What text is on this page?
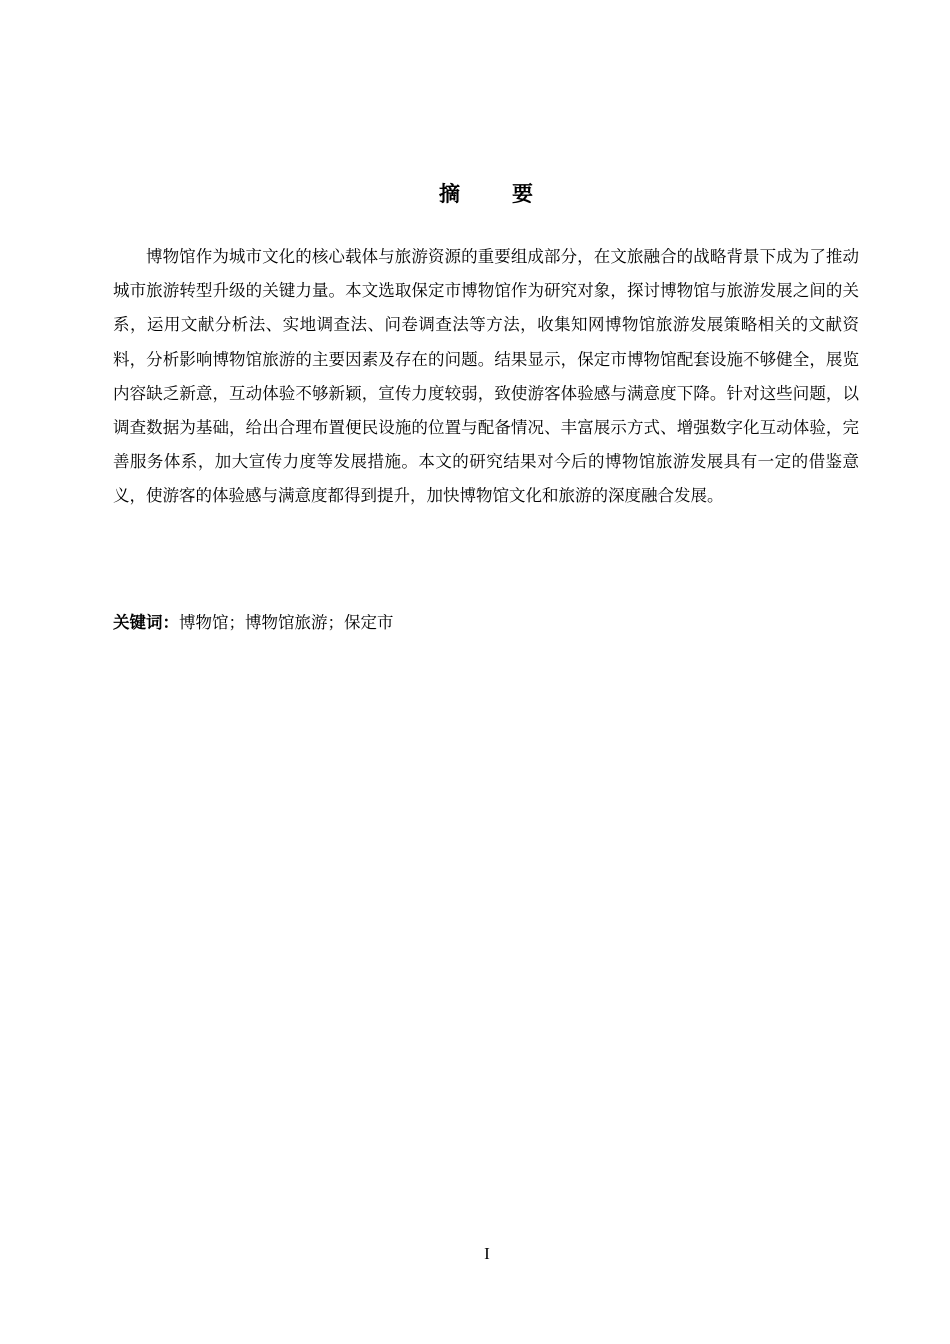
摘 要

博物馆作为城市文化的核心载体与旅游资源的重要组成部分，在文旅融合的战略背景下成为了推动城市旅游转型升级的关键力量。本文选取保定市博物馆作为研究对象，探讨博物馆与旅游发展之间的关系，运用文献分析法、实地调查法、问卷调查法等方法，收集知网博物馆旅游发展策略相关的文献资料，分析影响博物馆旅游的主要因素及存在的问题。结果显示，保定市博物馆配套设施不够健全，展览内容缺乏新意，互动体验不够新颖，宣传力度较弱，致使游客体验感与满意度下降。针对这些问题，以调查数据为基础，给出合理布置便民设施的位置与配备情况、丰富展示方式、增强数字化互动体验，完善服务体系，加大宣传力度等发展措施。本文的研究结果对今后的博物馆旅游发展具有一定的借鉴意义，使游客的体验感与满意度都得到提升，加快博物馆文化和旅游的深度融合发展。

关键词：博物馆；博物馆旅游；保定市

I
